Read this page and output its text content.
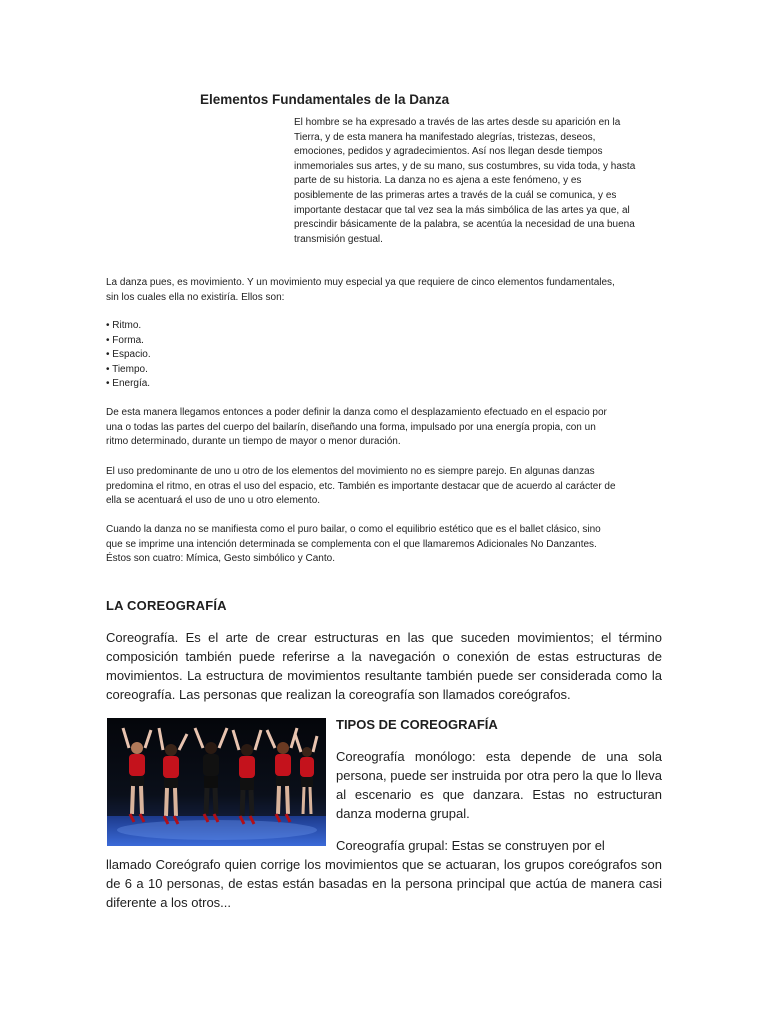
Elementos Fundamentales de la Danza

El hombre se ha expresado a través de las artes desde su aparición en la Tierra, y de esta manera ha manifestado alegrías, tristezas, deseos, emociones, pedidos y agradecimientos. Así nos llegan desde tiempos inmemoriales sus artes, y de su mano, sus costumbres, su vida toda, y hasta parte de su historia. La danza no es ajena a este fenómeno, y es posiblemente de las primeras artes a través de la cuál se comunica, y es importante destacar que tal vez sea la más simbólica de las artes ya que, al prescindir básicamente de la palabra, se acentúa la necesidad de una buena transmisión gestual.

La danza pues, es movimiento. Y un movimiento muy especial ya que requiere de cinco elementos fundamentales, sin los cuales ella no existiría. Ellos son:

• Ritmo.
• Forma.
• Espacio.
• Tiempo.
• Energía.

De esta manera llegamos entonces a poder definir la danza como el desplazamiento efectuado en el espacio por una o todas las partes del cuerpo del bailarín, diseñando una forma, impulsado por una energía propia, con un ritmo determinado, durante un tiempo de mayor o menor duración.

El uso predominante de uno u otro de los elementos del movimiento no es siempre parejo. En algunas danzas predomina el ritmo, en otras el uso del espacio, etc. También es importante destacar que de acuerdo al carácter de ella se acentuará el uso de uno u otro elemento.

Cuando la danza no se manifiesta como el puro bailar, o como el equilibrio estético que es el ballet clásico, sino que se imprime una intención determinada se complementa con el que llamaremos Adicionales No Danzantes. Éstos son cuatro: Mímica, Gesto simbólico y Canto.

LA COREOGRAFÍA

Coreografía. Es el arte de crear estructuras en las que suceden movimientos; el término composición también puede referirse a la navegación o conexión de estas estructuras de movimientos. La estructura de movimientos resultante también puede ser considerada como la coreografía. Las personas que realizan la coreografía son llamados coreógrafos.

TIPOS DE COREOGRAFÍA

Coreografía monólogo: esta depende de una sola persona, puede ser instruida por otra pero la que lo lleva al escenario es que danzara. Estas no estructuran danza moderna grupal.

Coreografía grupal: Estas se construyen por el

llamado Coreógrafo quien corrige los movimientos que se actuaran, los grupos coreógrafos son de 6 a 10 personas, de estas están basadas en la persona principal que actúa de manera casi diferente a los otros...
